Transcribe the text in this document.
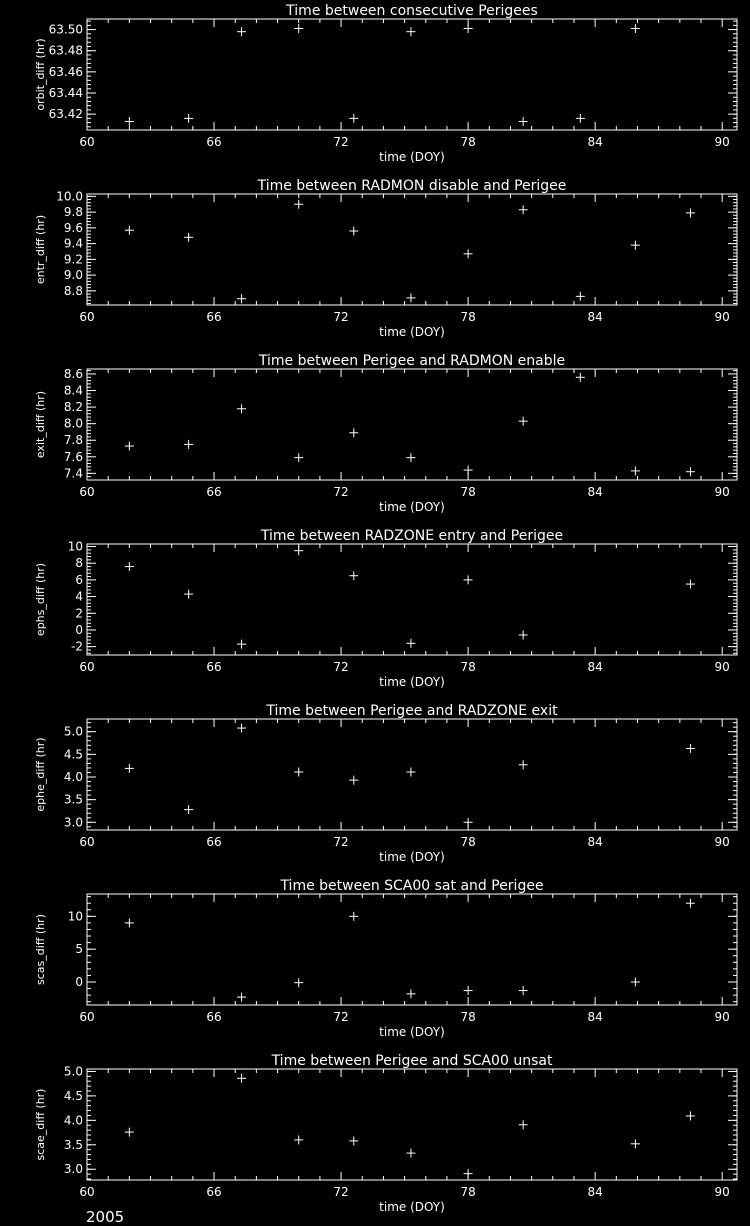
Time between consecutive Perigees
60	66	72	78	84	90
time (DOY)
63.42
63.44
63.46
63.48
63.50
orbit_diff (hr)
Time between RADMON disable and Perigee
60	66	72	78	84	90
time (DOY)
8.8
9.0
9.2
9.4
9.6
9.8
10.0
entr_diff (hr)
Time between Perigee and RADMON enable
60	66	72	78	84	90
time (DOY)
7.4
7.6
7.8
8.0
8.2
8.4
8.6
exit_diff (hr)
Time between RADZONE entry and Perigee
60	66	72	78	84	90
time (DOY)
-2
0
2
4
6
8
10
ephs_diff (hr)
Time between Perigee and RADZONE exit
60	66	72	78	84	90
time (DOY)
3.0
3.5
4.0
4.5
5.0
ephe_diff (hr)
Time between SCA00 sat and Perigee
60	66	72	78	84	90
time (DOY)
0
5
10
scas_diff (hr)
Time between Perigee and SCA00 unsat
60	66	72	78	84	90
time (DOY)
3.0
3.5
4.0
4.5
5.0
scae_diff (hr)
2005
